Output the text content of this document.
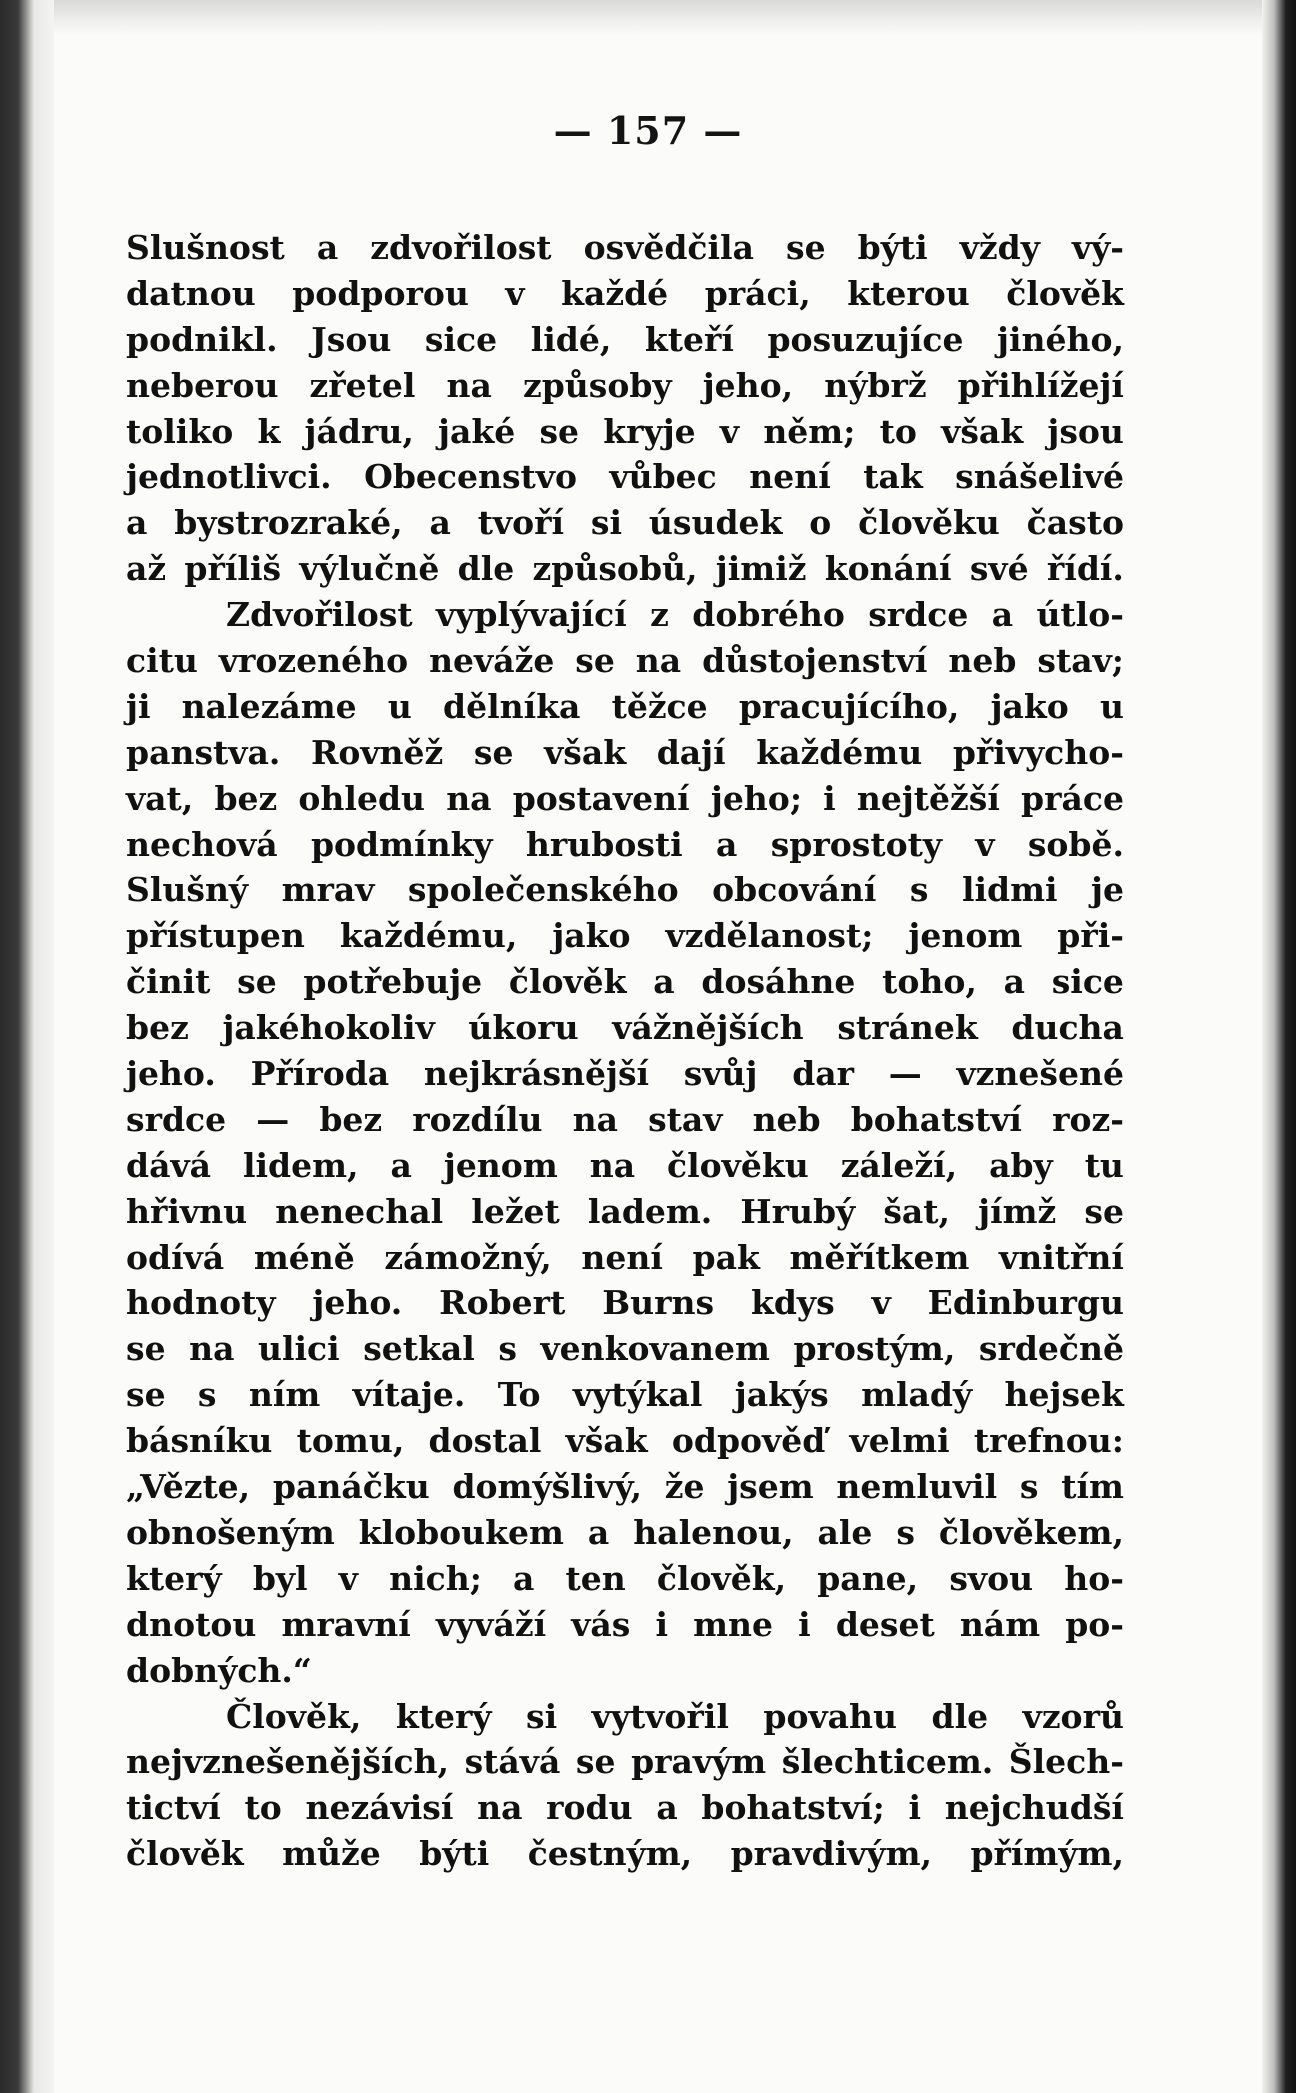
— 157 —
Slušnost a zdvořilost osvědčila se býti vždy vý-
datnou podporou v každé práci, kterou člověk
podnikl. Jsou sice lidé, kteří posuzujíce jiného,
neberou zřetel na způsoby jeho, nýbrž přihlížejí
toliko k jádru, jaké se kryje v něm; to však jsou
jednotlivci. Obecenstvo vůbec není tak snášelivé
a bystrozraké, a tvoří si úsudek o člověku často
až příliš výlučně dle způsobů, jimiž konání své řídí.
Zdvořilost vyplývající z dobrého srdce a útlo-
citu vrozeného neváže se na důstojenství neb stav;
ji nalezáme u dělníka těžce pracujícího, jako u
panstva. Rovněž se však dají každému přivycho-
vat, bez ohledu na postavení jeho; i nejtěžší práce
nechová podmínky hrubosti a sprostoty v sobě.
Slušný mrav společenského obcování s lidmi je
přístupen každému, jako vzdělanost; jenom při-
činit se potřebuje člověk a dosáhne toho, a sice
bez jakéhokoliv úkoru vážnějších stránek ducha
jeho. Příroda nejkrásnější svůj dar — vznešené
srdce — bez rozdílu na stav neb bohatství roz-
dává lidem, a jenom na člověku záleží, aby tu
hřivnu nenechal ležet ladem. Hrubý šat, jímž se
odívá méně zámožný, není pak měřítkem vnitřní
hodnoty jeho. Robert Burns kdys v Edinburgu
se na ulici setkal s venkovanem prostým, srdečně
se s ním vítaje. To vytýkal jakýs mladý hejsek
básníku tomu, dostal však odpověď velmi trefnou:
„Vězte, panáčku domýšlivý, že jsem nemluvil s tím
obnošeným kloboukem a halenou, ale s člověkem,
který byl v nich; a ten člověk, pane, svou ho-
dnotou mravní vyváží vás i mne i deset nám po-
dobných.“
Člověk, který si vytvořil povahu dle vzorů
nejvznešenějších, stává se pravým šlechticem. Šlech-
tictví to nezávisí na rodu a bohatství; i nejchudší
člověk může býti čestným, pravdivým, přímým,
